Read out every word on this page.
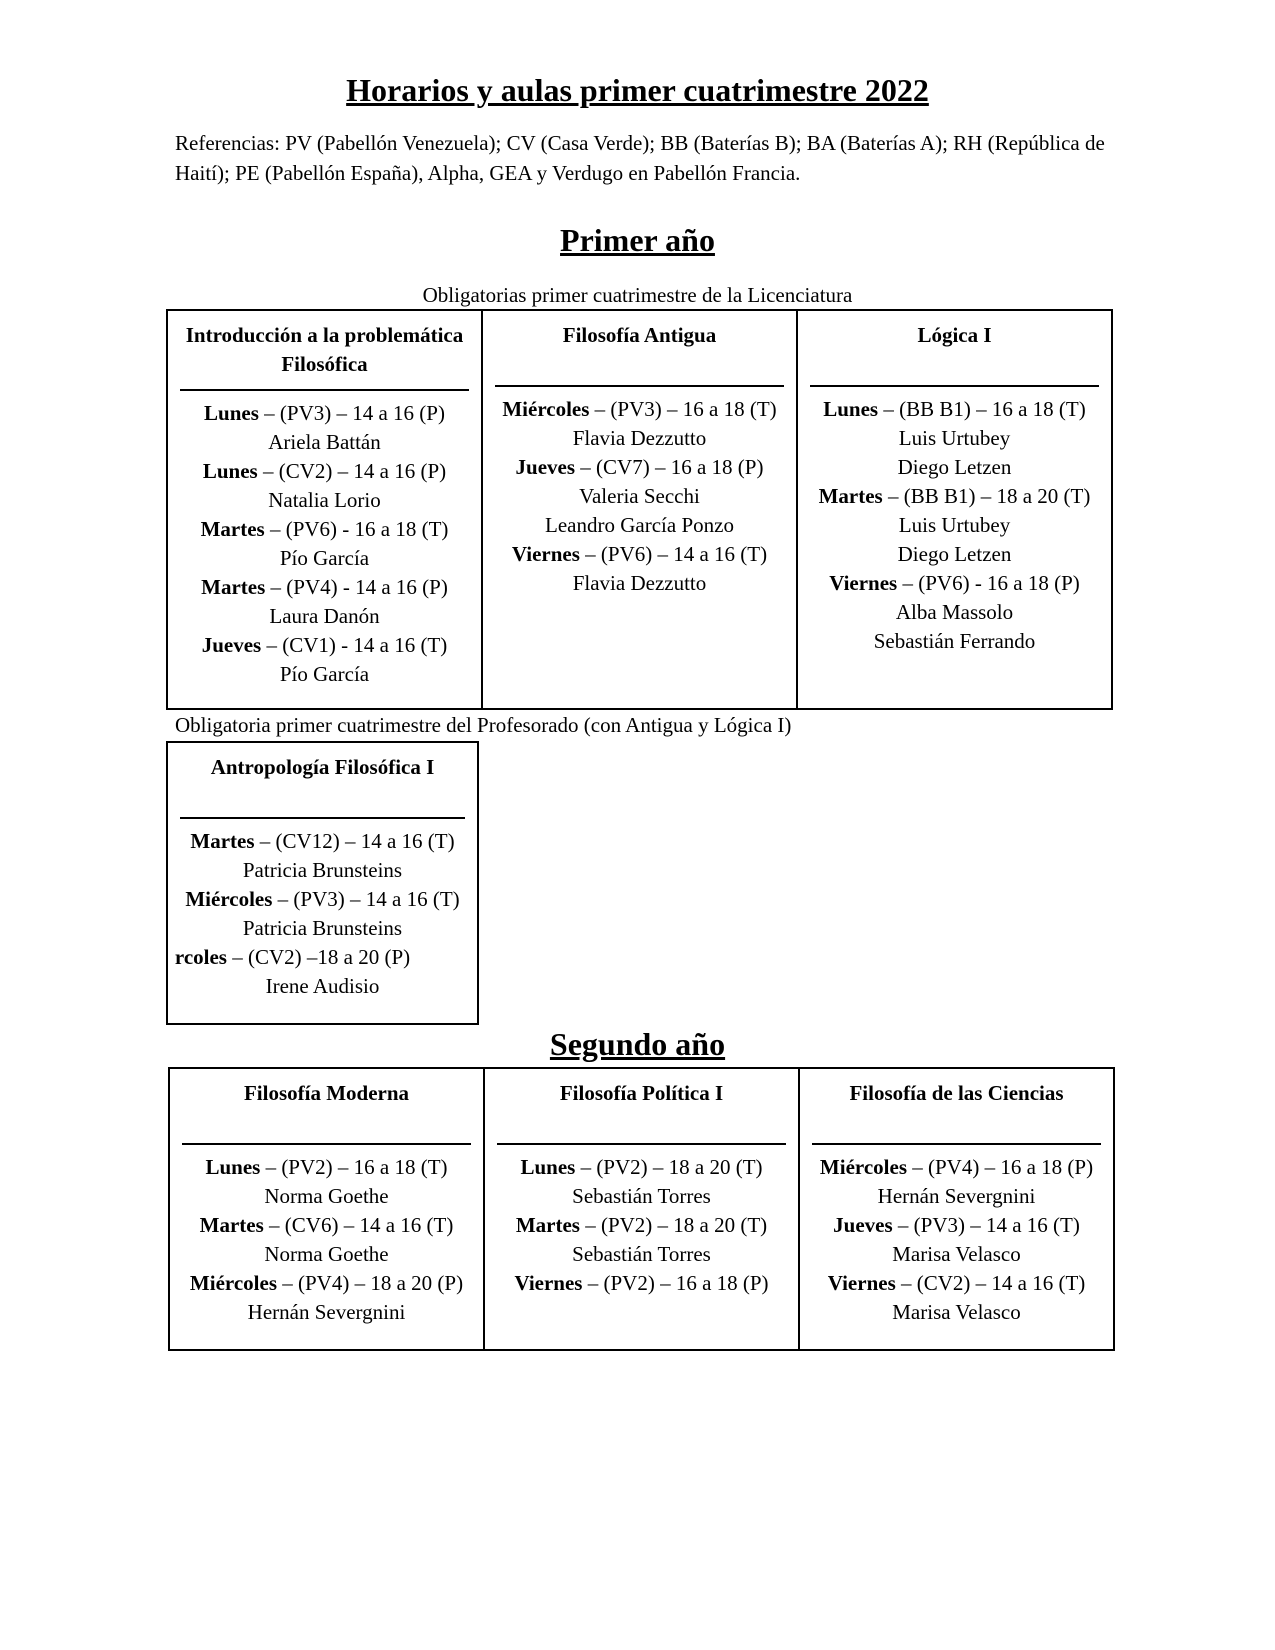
Horarios y aulas primer cuatrimestre 2022
Referencias: PV (Pabellón Venezuela); CV (Casa Verde); BB (Baterías B); BA (Baterías A); RH (República de Haití); PE (Pabellón España), Alpha, GEA y Verdugo en Pabellón Francia.
Primer año
Obligatorias primer cuatrimestre de la Licenciatura
Introducción a la problemática Filosófica
Lunes – (PV3) – 14 a 16 (P)
Ariela Battán
Lunes – (CV2) – 14 a 16 (P)
Natalia Lorio
Martes – (PV6) - 16 a 18 (T)
Pío García
Martes – (PV4) - 14 a 16 (P)
Laura Danón
Jueves – (CV1) - 14 a 16 (T)
Pío García

Filosofía Antigua
Miércoles – (PV3) – 16 a 18 (T)
Flavia Dezzutto
Jueves – (CV7) – 16 a 18 (P)
Valeria Secchi
Leandro García Ponzo
Viernes – (PV6) – 14 a 16 (T)
Flavia Dezzutto

Lógica I
Lunes – (BB B1) – 16 a 18 (T)
Luis Urtubey
Diego Letzen
Martes – (BB B1) – 18 a 20 (T)
Luis Urtubey
Diego Letzen
Viernes – (PV6) - 16 a 18 (P)
Alba Massolo
Sebastián Ferrando
Obligatoria primer cuatrimestre del Profesorado (con Antigua y Lógica I)
Antropología Filosófica I
Martes – (CV12) – 14 a 16 (T)
Patricia Brunsteins
Miércoles – (PV3) – 14 a 16 (T) Patricia Brunsteins
rcoles – (CV2) –18 a 20 (P)
Irene Audisio
Segundo año
Filosofía Moderna
Lunes – (PV2) – 16 a 18 (T)
Norma Goethe
Martes – (CV6) – 14 a 16 (T)
Norma Goethe
Miércoles – (PV4) – 18 a 20 (P)
Hernán Severgnini

Filosofía Política I
Lunes – (PV2) – 18 a 20 (T)
Sebastián Torres
Martes – (PV2) – 18 a 20 (T)
Sebastián Torres
Viernes – (PV2) – 16 a 18 (P)

Filosofía de las Ciencias
Miércoles – (PV4) – 16 a 18 (P)
Hernán Severgnini
Jueves – (PV3) – 14 a 16 (T)
Marisa Velasco
Viernes – (CV2) – 14 a 16 (T)
Marisa Velasco
